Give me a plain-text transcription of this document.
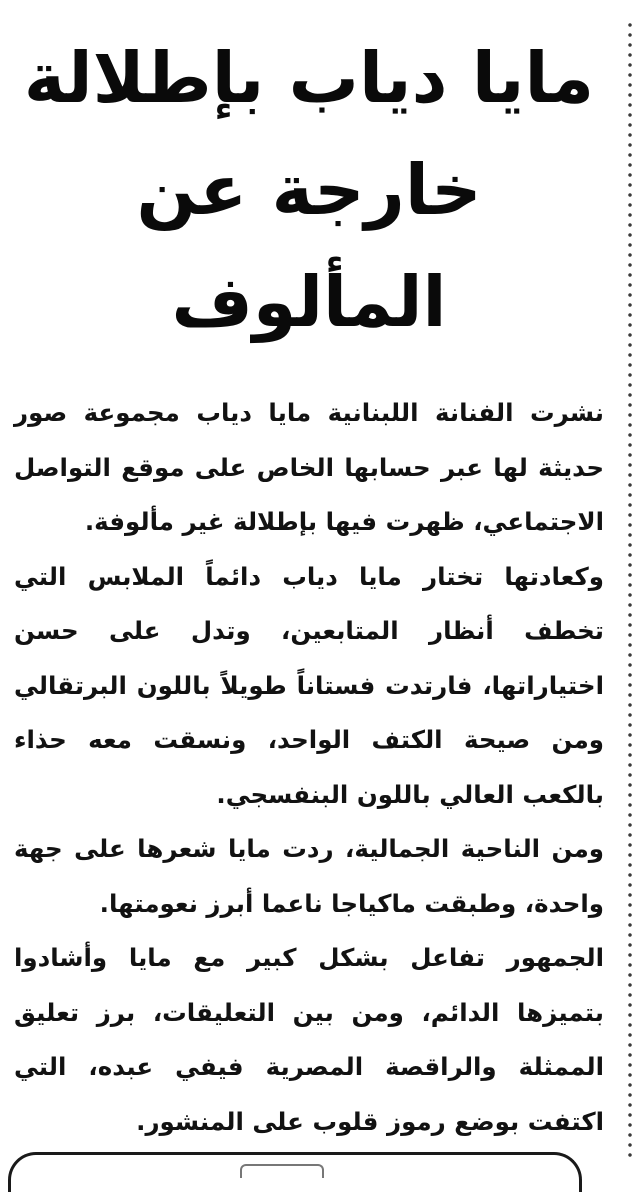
مايا دياب بإطلالة
خارجة عن المألوف

نشرت الفنانة اللبنانية مايا دياب مجموعة صور حديثة لها عبر حسابها الخاص على موقع التواصل الاجتماعي، ظهرت فيها بإطلالة غير مألوفة.

وكعادتها تختار مايا دياب دائماً الملابس التي تخطف أنظار المتابعين، وتدل على حسن اختياراتها، فارتدت فستاناً طويلاً باللون البرتقالي ومن صيحة الكتف الواحد، ونسقت معه حذاء بالكعب العالي باللون البنفسجي.

ومن الناحية الجمالية، ردت مايا شعرها على جهة واحدة، وطبقت ماكياجا ناعما أبرز نعومتها.

الجمهور تفاعل بشكل كبير مع مايا وأشادوا بتميزها الدائم، ومن بين التعليقات، برز تعليق الممثلة والراقصة المصرية فيفي عبده، التي اكتفت بوضع رموز قلوب على المنشور.
